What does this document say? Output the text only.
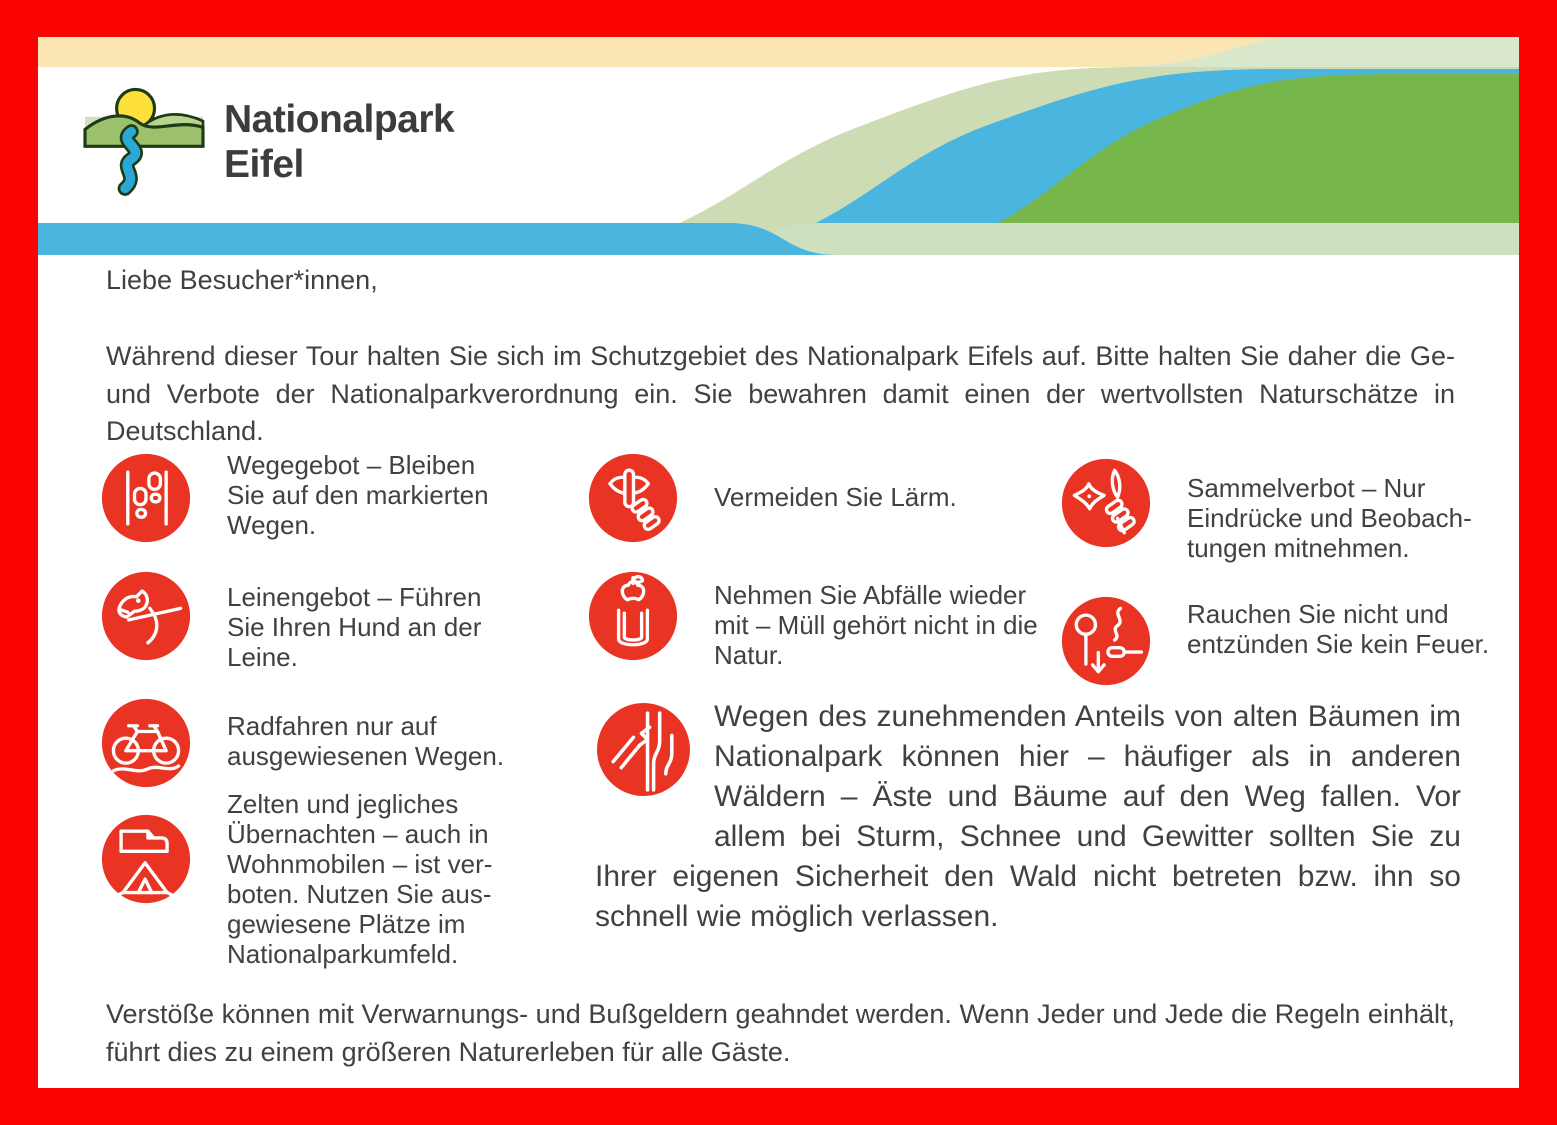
Nationalpark
Eifel
Liebe Besucher*innen,
Während dieser Tour halten Sie sich im Schutzgebiet des Nationalpark Eifels auf. Bitte halten Sie daher die Ge- und Verbote der Nationalparkverordnung ein. Sie bewahren damit einen der wertvollsten Naturschätze in Deutschland.
Wegegebot – Bleiben Sie auf den markierten Wegen.
Leinengebot – Führen Sie Ihren Hund an der Leine.
Radfahren nur auf ausgewiesenen Wegen.
Zelten und jegliches Übernachten – auch in Wohnmobilen – ist verboten. Nutzen Sie ausgewiesene Plätze im Nationalparkumfeld.
Vermeiden Sie Lärm.
Nehmen Sie Abfälle wieder mit – Müll gehört nicht in die Natur.
Sammelverbot – Nur Eindrücke und Beobachtungen mitnehmen.
Rauchen Sie nicht und entzünden Sie kein Feuer.
Wegen des zunehmenden Anteils von alten Bäumen im Nationalpark können hier – häufiger als in anderen Wäldern – Äste und Bäume auf den Weg fallen. Vor allem bei Sturm, Schnee und Gewitter sollten Sie zu Ihrer eigenen Sicherheit den Wald nicht betreten bzw. ihn so schnell wie möglich verlassen.
Verstöße können mit Verwarnungs- und Bußgeldern geahndet werden. Wenn Jeder und Jede die Regeln einhält, führt dies zu einem größeren Naturerleben für alle Gäste.
